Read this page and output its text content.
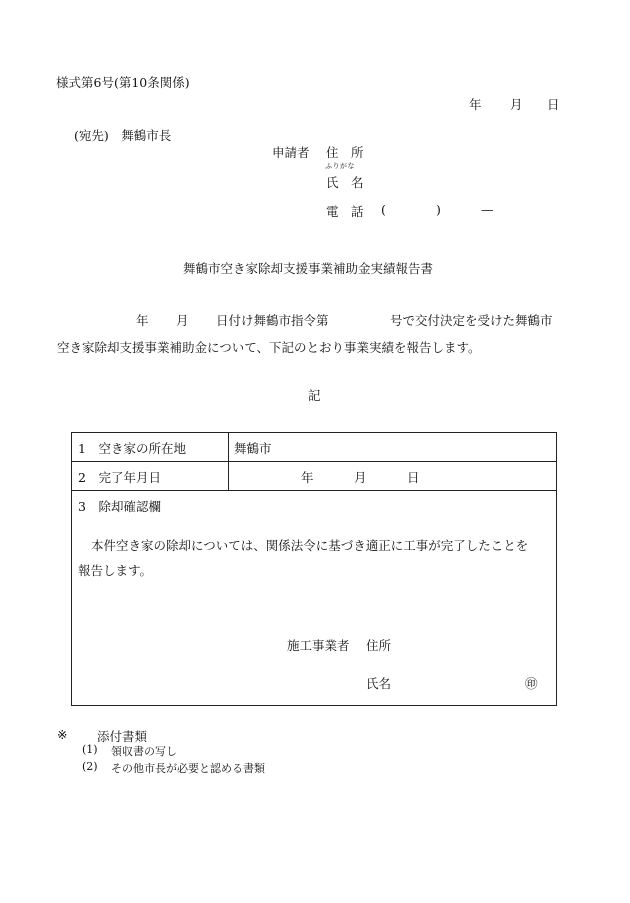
様式第6号(第10条関係)
年 月 日
(宛先)　舞鶴市長
申請者 住　所
ふりがな
氏　名
電　話 (	)	—
舞鶴市空き家除却支援事業補助金実績報告書
年 月 日付け舞鶴市指令第	号で交付決定を受けた舞鶴市
空き家除却支援事業補助金について、下記のとおり事業実績を報告します。
記
1　空き家の所在地	舞鶴市
2　完了年月日	年	月	日
3　除却確認欄
本件空き家の除却については、関係法令に基づき適正に工事が完了したことを
報告します。
施工事業者 住所
氏名	㊞
※ 添付書類
(1) 領収書の写し
(2) その他市長が必要と認める書類
